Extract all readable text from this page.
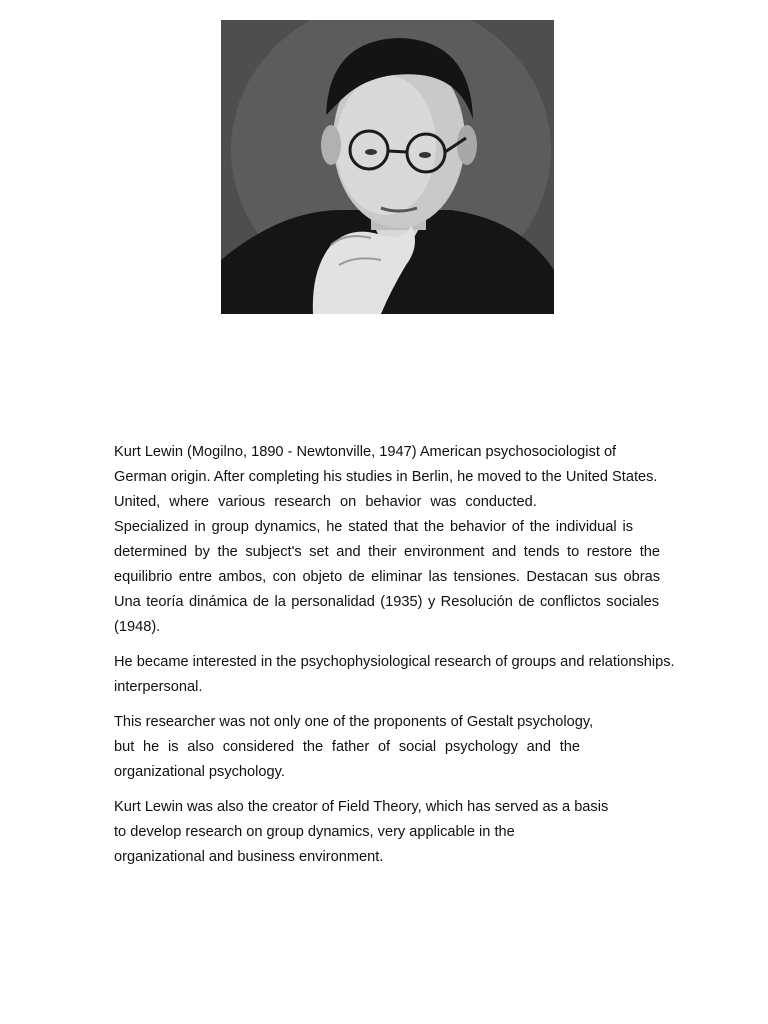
Kurt Lewin (Mogilno, 1890 - Newtonville, 1947) American psychosociologist of
German origin. After completing his studies in Berlin, he moved to the United States.
United, where various research on behavior was conducted.
Specialized in group dynamics, he stated that the behavior of the individual is
determined by the subject's set and their environment and tends to restore the
equilibrio entre ambos, con objeto de eliminar las tensiones. Destacan sus obras
Una teoría dinámica de la personalidad (1935) y Resolución de conflictos sociales
(1948).

He became interested in the psychophysiological research of groups and relationships.
interpersonal.

This researcher was not only one of the proponents of Gestalt psychology,
but he is also considered the father of social psychology and the
organizational psychology.

Kurt Lewin was also the creator of Field Theory, which has served as a basis
to develop research on group dynamics, very applicable in the
organizational and business environment.
